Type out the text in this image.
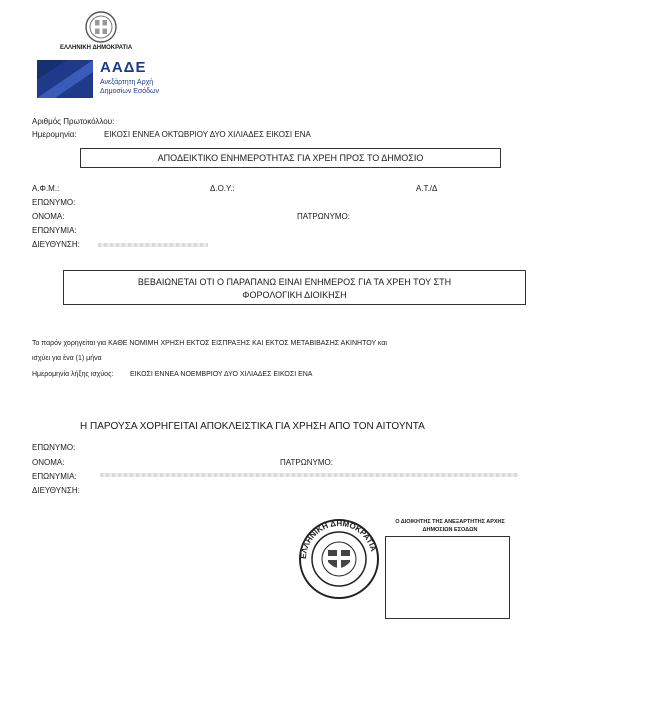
ΕΛΛΗΝΙΚΗ ΔΗΜΟΚΡΑΤΙΑ
ΑΑΔΕ
Ανεξάρτητη Αρχή
Δημοσίων Εσόδων
Αριθμός Πρωτοκόλλου:
Ημερομηνία:	ΕΙΚΟΣΙ ΕΝΝΕΑ ΟΚΤΩΒΡΙΟΥ ΔΥΟ ΧΙΛΙΑΔΕΣ ΕΙΚΟΣΙ ΕΝΑ
ΑΠΟΔΕΙΚΤΙΚΟ ΕΝΗΜΕΡΟΤΗΤΑΣ ΓΙΑ ΧΡΕΗ ΠΡΟΣ ΤΟ ΔΗΜΟΣΙΟ
Α.Φ.Μ.:	Δ.Ο.Υ.:	Α.Τ./Δ
ΕΠΩΝΥΜΟ:
ΟΝΟΜΑ:	ΠΑΤΡΩΝΥΜΟ:
ΕΠΩΝΥΜΙΑ:
ΔΙΕΥΘΥΝΣΗ:
ΒΕΒΑΙΩΝΕΤΑΙ ΟΤΙ Ο ΠΑΡΑΠΑΝΩ ΕΙΝΑΙ ΕΝΗΜΕΡΟΣ ΓΙΑ ΤΑ ΧΡΕΗ ΤΟΥ ΣΤΗ
ΦΟΡΟΛΟΓΙΚΗ ΔΙΟΙΚΗΣΗ
Το παρόν χορηγείται για ΚΑΘΕ ΝΟΜΙΜΗ ΧΡΗΣΗ ΕΚΤΟΣ ΕΙΣΠΡΑΞΗΣ ΚΑΙ ΕΚΤΟΣ ΜΕΤΑΒΙΒΑΣΗΣ ΑΚΙΝΗΤΟΥ και
ισχύει για ένα (1) μήνα
Ημερομηνία λήξης ισχύος: ΕΙΚΟΣΙ ΕΝΝΕΑ ΝΟΕΜΒΡΙΟΥ ΔΥΟ ΧΙΛΙΑΔΕΣ ΕΙΚΟΣΙ ΕΝΑ
Η ΠΑΡΟΥΣΑ ΧΟΡΗΓΕΙΤΑΙ ΑΠΟΚΛΕΙΣΤΙΚΑ ΓΙΑ ΧΡΗΣΗ ΑΠΟ ΤΟΝ ΑΙΤΟΥΝΤΑ
ΕΠΩΝΥΜΟ:
ΟΝΟΜΑ:	ΠΑΤΡΩΝΥΜΟ:
ΕΠΩΝΥΜΙΑ:
ΔΙΕΥΘΥΝΣΗ:
ΕΛΛΗΝΙΚΗ ΔΗΜΟΚΡΑΤΙΑ
Ο ΔΙΟΙΚΗΤΗΣ ΤΗΣ ΑΝΕΞΑΡΤΗΤΗΣ ΑΡΧΗΣ
ΔΗΜΟΣΙΩΝ ΕΣΟΔΩΝ
